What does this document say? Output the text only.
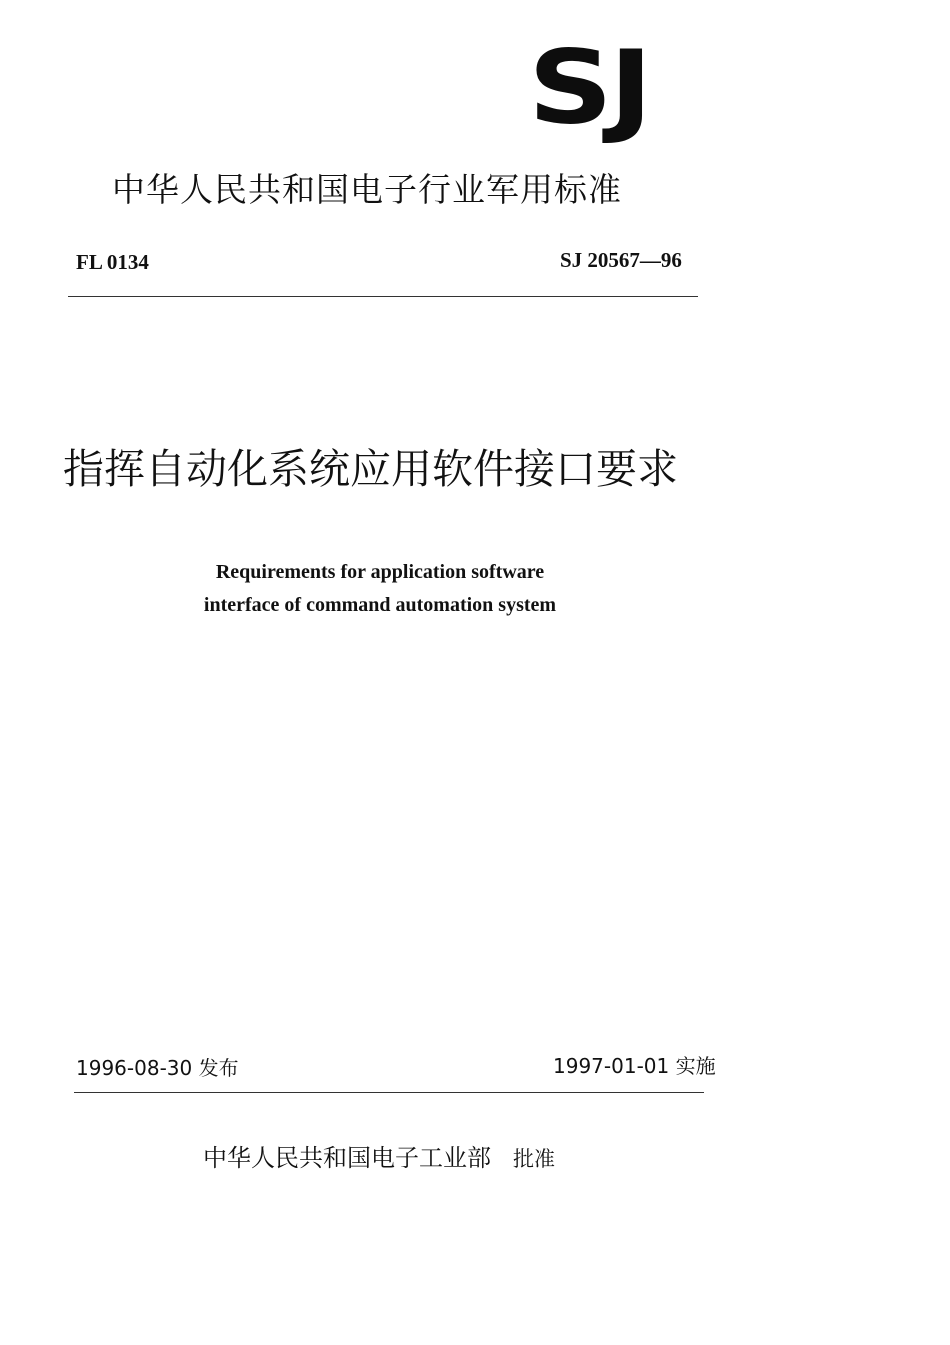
SJ
中华人民共和国电子行业军用标准
FL 0134	SJ 20567—96
指挥自动化系统应用软件接口要求
Requirements for application software
interface of command automation system
1996-08-30 发布	1997-01-01 实施
中华人民共和国电子工业部 批准
